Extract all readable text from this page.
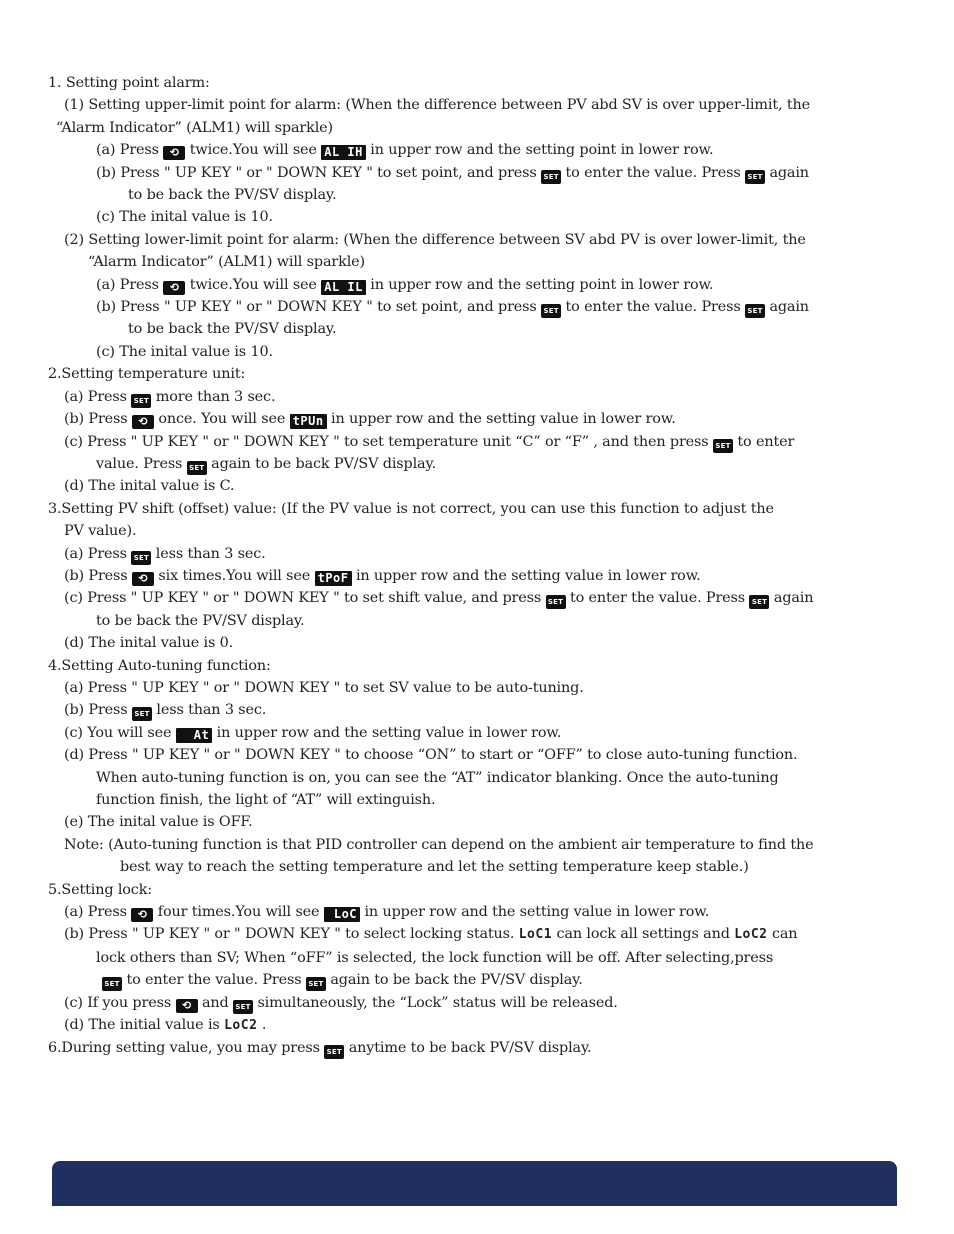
1. Setting point alarm:
(1) Setting upper-limit point for alarm: (When the difference between PV abd SV is over upper-limit, the
“Alarm Indicator” (ALM1) will sparkle)
(a) Press ⟲ twice.You will see AL IH in upper row and the setting point in lower row.
(b) Press " UP KEY " or " DOWN KEY " to set point, and press SET to enter the value. Press SET again
to be back the PV/SV display.
(c) The inital value is 10.
(2) Setting lower-limit point for alarm: (When the difference between SV abd PV is over lower-limit, the
“Alarm Indicator” (ALM1) will sparkle)
(a) Press ⟲ twice.You will see AL IL in upper row and the setting point in lower row.
(b) Press " UP KEY " or " DOWN KEY " to set point, and press SET to enter the value. Press SET again
to be back the PV/SV display.
(c) The inital value is 10.
2.Setting temperature unit:
(a) Press SET more than 3 sec.
(b) Press ⟲ once. You will see tPUn in upper row and the setting value in lower row.
(c) Press " UP KEY " or " DOWN KEY " to set temperature unit “C” or “F” , and then press SET to enter
value. Press SET again to be back PV/SV display.
(d) The inital value is C.
3.Setting PV shift (offset) value: (If the PV value is not correct, you can use this function to adjust the
PV value).
(a) Press SET less than 3 sec.
(b) Press ⟲ six times.You will see tPoF in upper row and the setting value in lower row.
(c) Press " UP KEY " or " DOWN KEY " to set shift value, and press SET to enter the value. Press SET again
to be back the PV/SV display.
(d) The inital value is 0.
4.Setting Auto-tuning function:
(a) Press " UP KEY " or " DOWN KEY " to set SV value to be auto-tuning.
(b) Press SET less than 3 sec.
(c) You will see At in upper row and the setting value in lower row.
(d) Press " UP KEY " or " DOWN KEY " to choose “ON” to start or “OFF” to close auto-tuning function.
When auto-tuning function is on, you can see the “AT” indicator blanking. Once the auto-tuning
function finish, the light of “AT” will extinguish.
(e) The inital value is OFF.
Note: (Auto-tuning function is that PID controller can depend on the ambient air temperature to find the
best way to reach the setting temperature and let the setting temperature keep stable.)
5.Setting lock:
(a) Press ⟲ four times.You will see LoC in upper row and the setting value in lower row.
(b) Press " UP KEY " or " DOWN KEY " to select locking status. LoC1 can lock all settings and LoC2 can
lock others than SV; When “oFF” is selected, the lock function will be off. After selecting,press
SET to enter the value. Press SET again to be back the PV/SV display.
(c) If you press ⟲ and SET simultaneously, the “Lock” status will be released.
(d) The initial value is LoC2 .
6.During setting value, you may press SET anytime to be back PV/SV display.
